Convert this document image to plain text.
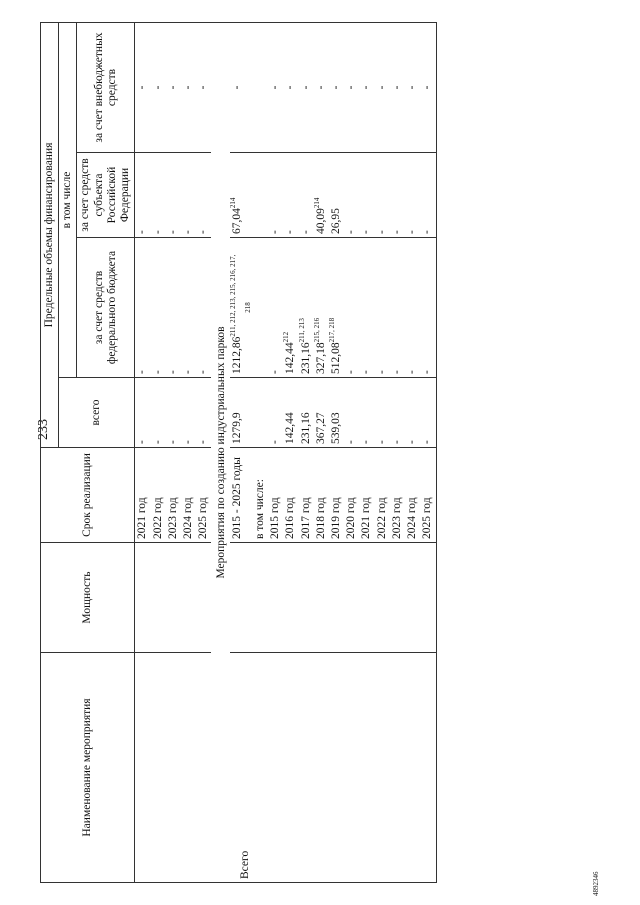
233
4892346
Наименование мероприятия	Мощность	Срок реализации	Предельные объемы финансирования			
			всего	в том числе		
				за счет средств федерального бюджета	за счет средств субъекта Российской Федерации	за счет внебюджетных средств
		2021 год	-	-	-	-
		2022 год	-	-	-	-
		2023 год	-	-	-	-
		2024 год	-	-	-	-
		2025 год	-	-	-	-
Мероприятия по созданию индустриальных парков						
Всего		2015 - 2025 годы	1279,9	$1212,86^{211, 212, 213, 215, 216, 217,}$ 218	67,04$^{214}$	-
		в том числе:				
		2015 год	-	-	-	-
		2016 год	142,44	142,44$^{212}$	-	-
		2017 год	231,16	231,16$^{211, 213}$	-	-
		2018 год	367,27	327,18$^{215, 216}$	40,09$^{214}$	-
		2019 год	539,03	512,08$^{217, 218}$	26,95	-
		2020 год	-	-	-	-
		2021 год	-	-	-	-
		2022 год	-	-	-	-
		2023 год	-	-	-	-
		2024 год	-	-	-	-
		2025 год	-	-	-	-
